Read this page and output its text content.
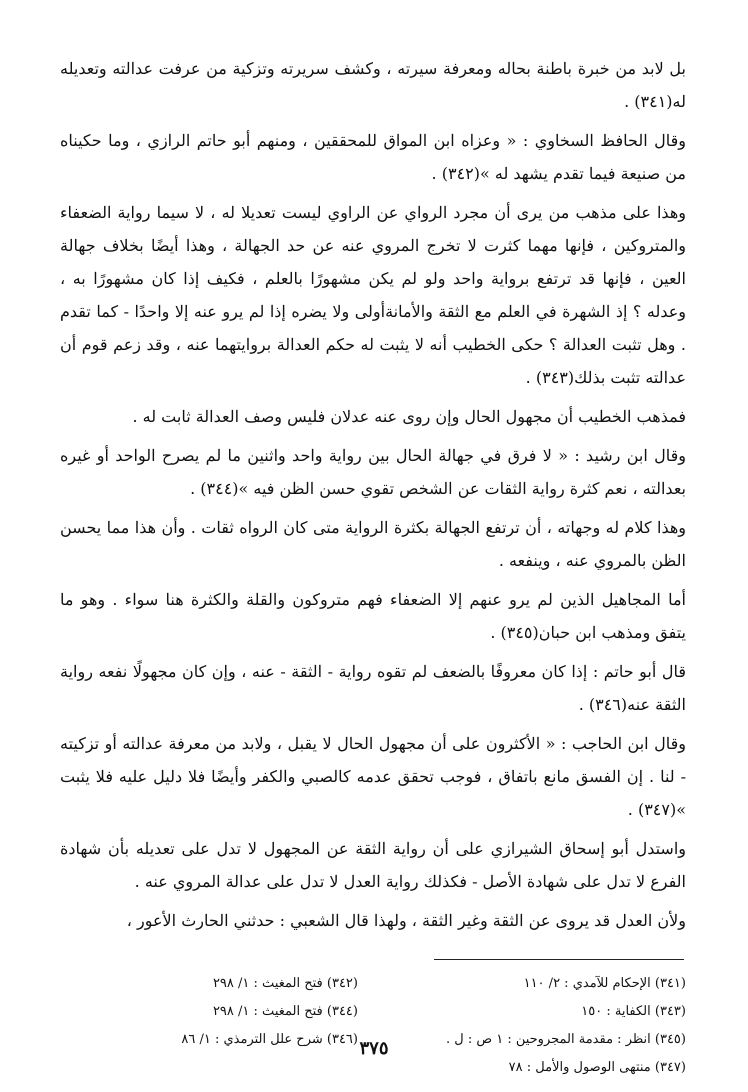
بل لابد من خبرة باطنة بحاله ومعرفة سيرته ، وكشف سريرته وتزكية من عرفت عدالته وتعديله له(٣٤١) .

وقال الحافظ السخاوي : « وعزاه ابن المواق للمحققين ، ومنهم أبو حاتم الرازي ، وما حكيناه من صنيعة فيما تقدم يشهد له »(٣٤٢) .

وهذا على مذهب من يرى أن مجرد الرواي عن الراوي ليست تعديلا له ، لا سيما رواية الضعفاء والمتروكين ، فإنها مهما كثرت لا تخرج المروي عنه عن حد الجهالة ، وهذا أيضًا بخلاف جهالة العين ، فإنها قد ترتفع برواية واحد ولو لم يكن مشهورًا بالعلم ، فكيف إذا كان مشهورًا به ، وعدله ؟ إذ الشهرة في العلم مع الثقة والأمانةأولى ولا يضره إذا لم يرو عنه إلا واحدًا - كما تقدم . وهل تثبت العدالة ؟ حكى الخطيب أنه لا يثبت له حكم العدالة بروايتهما عنه ، وقد زعم قوم أن عدالته تثبت بذلك(٣٤٣) .

فمذهب الخطيب أن مجهول الحال وإن روى عنه عدلان فليس وصف العدالة ثابت له .

وقال ابن رشيد : « لا فرق في جهالة الحال بين رواية واحد واثنين ما لم يصرح الواحد أو غيره بعدالته ، نعم كثرة رواية الثقات عن الشخص تقوي حسن الظن فيه »(٣٤٤) .

وهذا كلام له وجهاته ، أن ترتفع الجهالة بكثرة الرواية متى كان الرواه ثقات . وأن هذا مما يحسن الظن بالمروي عنه ، وينفعه .

أما المجاهيل الذين لم يرو عنهم إلا الضعفاء فهم متروكون والقلة والكثرة هنا سواء . وهو ما يتفق ومذهب ابن حبان(٣٤٥) .

قال أبو حاتم : إذا كان معروفًا بالضعف لم تقوه رواية - الثقة - عنه ، وإن كان مجهولًا نفعه رواية الثقة عنه(٣٤٦) .

وقال ابن الحاجب : « الأكثرون على أن مجهول الحال لا يقبل ، ولابد من معرفة عدالته أو تزكيته - لنا . إن الفسق مانع باتفاق ، فوجب تحقق عدمه كالصبي والكفر وأيضًا فلا دليل عليه فلا يثبت »(٣٤٧) .

واستدل أبو إسحاق الشيرازي على أن رواية الثقة عن المجهول لا تدل على تعديله بأن شهادة الفرع لا تدل على شهادة الأصل - فكذلك رواية العدل لا تدل على عدالة المروي عنه .

ولأن العدل قد يروى عن الثقة وغير الثقة ، ولهذا قال الشعبي : حدثني الحارث الأعور ،

(٣٤١) الإحكام للآمدي : ٢/ ١١٠
(٣٤٢) فتح المغيث : ١/ ٢٩٨
(٣٤٣) الكفاية : ١٥٠
(٣٤٤) فتح المغيث : ١/ ٢٩٨
(٣٤٥) انظر : مقدمة المجروحين : ١ ص : ل .
(٣٤٦) شرح علل الترمذي : ١/ ٨٦
(٣٤٧) منتهى الوصول والأمل : ٧٨
٣٧٥
